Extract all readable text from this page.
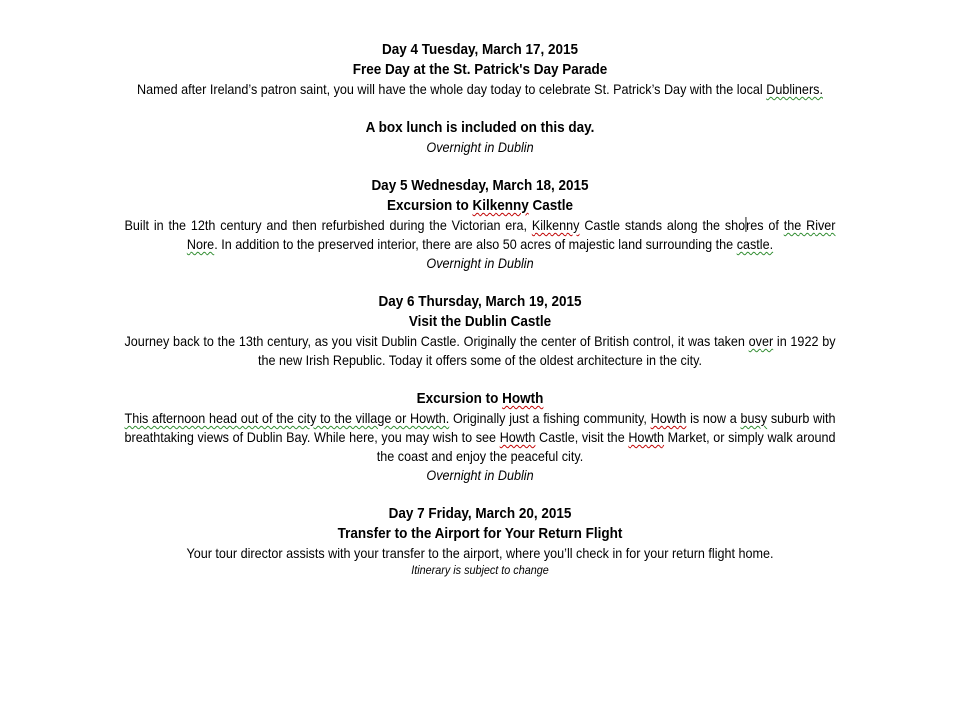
Day 4 Tuesday, March 17, 2015
Free Day at the St. Patrick's Day Parade
Named after Ireland’s patron saint, you will have the whole day today to celebrate St. Patrick’s Day with the local Dubliners.
A box lunch is included on this day.
Overnight in Dublin
Day 5 Wednesday, March 18, 2015
Excursion to Kilkenny Castle
Built in the 12th century and then refurbished during the Victorian era, Kilkenny Castle stands along the shores of the River Nore. In addition to the preserved interior, there are also 50 acres of majestic land surrounding the castle.
Overnight in Dublin
Day 6 Thursday, March 19, 2015
Visit the Dublin Castle
Journey back to the 13th century, as you visit Dublin Castle. Originally the center of British control, it was taken over in 1922 by the new Irish Republic. Today it offers some of the oldest architecture in the city.
Excursion to Howth
This afternoon head out of the city to the village or Howth. Originally just a fishing community, Howth is now a busy suburb with breathtaking views of Dublin Bay. While here, you may wish to see Howth Castle, visit the Howth Market, or simply walk around the coast and enjoy the peaceful city.
Overnight in Dublin
Day 7 Friday, March 20, 2015
Transfer to the Airport for Your Return Flight
Your tour director assists with your transfer to the airport, where you’ll check in for your return flight home.
Itinerary is subject to change
